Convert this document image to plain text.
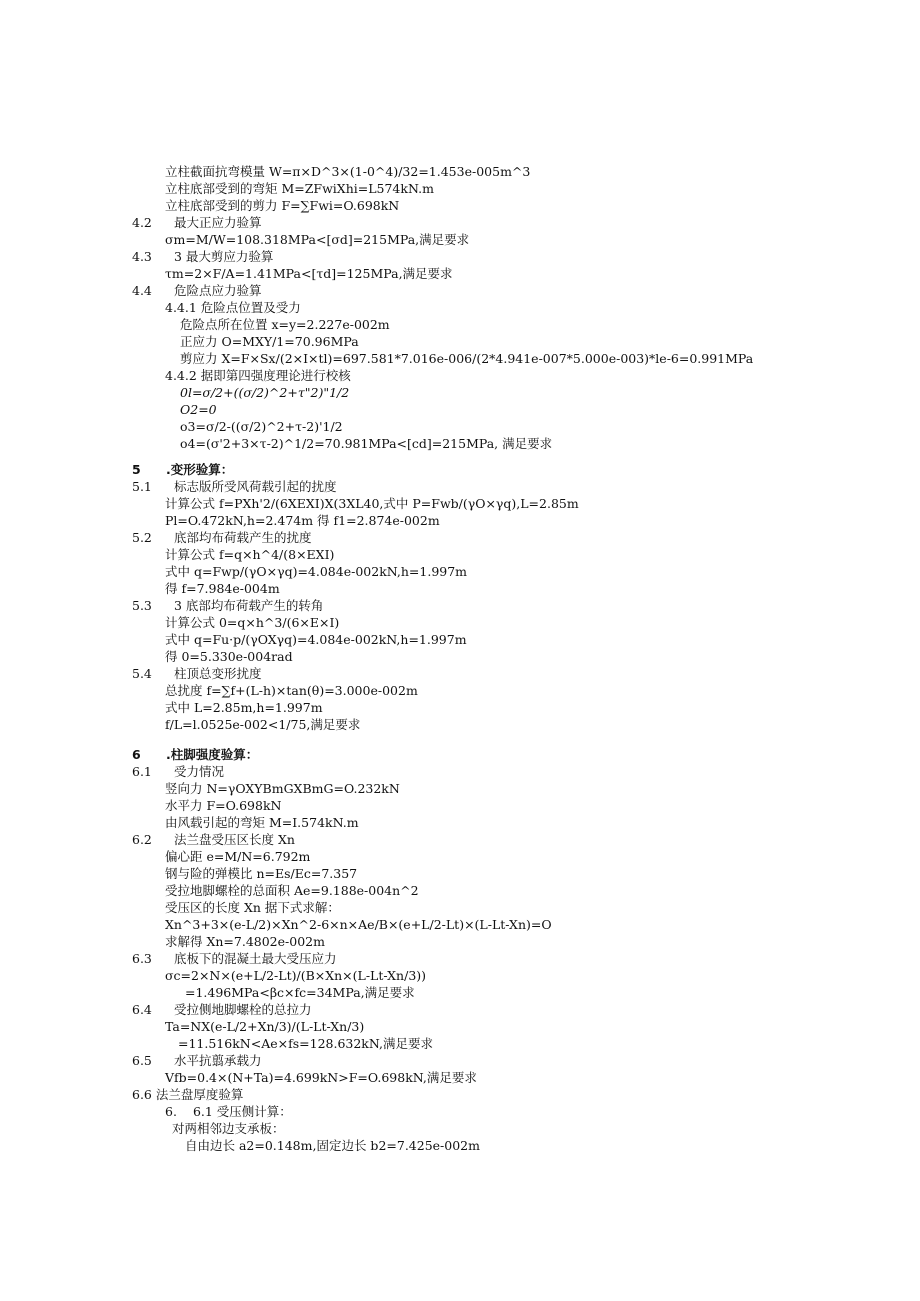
立柱截面抗弯模量 W=π×D^3×(1-0^4)/32=1.453e-005m^3
立柱底部受到的弯矩 M=ZFwiXhi=L574kN.m
立柱底部受到的剪力 F=∑Fwi=O.698kN
4.2 最大正应力验算
σm=M/W=108.318MPa<[σd]=215MPa,满足要求
4.3 3 最大剪应力验算
τm=2×F/A=1.41MPa<[τd]=125MPa,满足要求
4.4 危险点应力验算
4.4.1 危险点位置及受力
危险点所在位置 x=y=2.227e-002m
正应力 O=MXY/1=70.96MPa
剪应力 X=F×Sx/(2×I×tl)=697.581*7.016e-006/(2*4.941e-007*5.000e-003)*le-6=0.991MPa
4.4.2 据即第四强度理论进行校核
0l=σ/2+((σ/2)^2+τ"2)"1/2
O2=0
o3=σ/2-((σ/2)^2+τ-2)'1/2
o4=(σ'2+3×τ-2)^1/2=70.981MPa<[cd]=215MPa, 满足要求
5 .变形验算：
5.1 标志版所受风荷载引起的扰度
计算公式 f=PXh'2/(6XEXI)X(3XL40,式中 P=Fwb/(γO×γq),L=2.85m
Pl=O.472kN,h=2.474m 得 f1=2.874e-002m
5.2 底部均布荷载产生的扰度
计算公式 f=q×h^4/(8×EXI)
式中 q=Fwp/(γO×γq)=4.084e-002kN,h=1.997m
得 f=7.984e-004m
5.3 3 底部均布荷载产生的转角
计算公式 0=q×h^3/(6×E×I)
式中 q=Fu·p/(γOXγq)=4.084e-002kN,h=1.997m
得 0=5.330e-004rad
5.4 柱顶总变形扰度
总扰度 f=∑f+(L-h)×tan(θ)=3.000e-002m
式中 L=2.85m,h=1.997m
f/L=l.0525e-002<1/75,满足要求
6 .柱脚强度验算：
6.1 受力情况
竖向力 N=γOXYBmGXBmG=O.232kN
水平力 F=O.698kN
由风载引起的弯矩 M=I.574kN.m
6.2 法兰盘受压区长度 Xn
偏心距 e=M/N=6.792m
钢与险的弹模比 n=Es/Ec=7.357
受拉地脚螺栓的总面积 Ae=9.188e-004n^2
受压区的长度 Xn 据下式求解：
Xn^3+3×(e-L/2)×Xn^2-6×n×Ae/B×(e+L/2-Lt)×(L-Lt-Xn)=O
求解得 Xn=7.4802e-002m
6.3 底板下的混凝土最大受压应力
σc=2×N×(e+L/2-Lt)/(B×Xn×(L-Lt-Xn/3))
=1.496MPa<βc×fc=34MPa,满足要求
6.4 受拉侧地脚螺栓的总拉力
Ta=NX(e-L/2+Xn/3)/(L-Lt-Xn/3)
=11.516kN<Ae×fs=128.632kN,满足要求
6.5 水平抗翦承载力
Vfb=0.4×(N+Ta)=4.699kN>F=O.698kN,满足要求
6.6 法兰盘厚度验算
6. 6.1 受压侧计算：
对两相邻边支承板：
自由边长 a2=0.148m,固定边长 b2=7.425e-002m
